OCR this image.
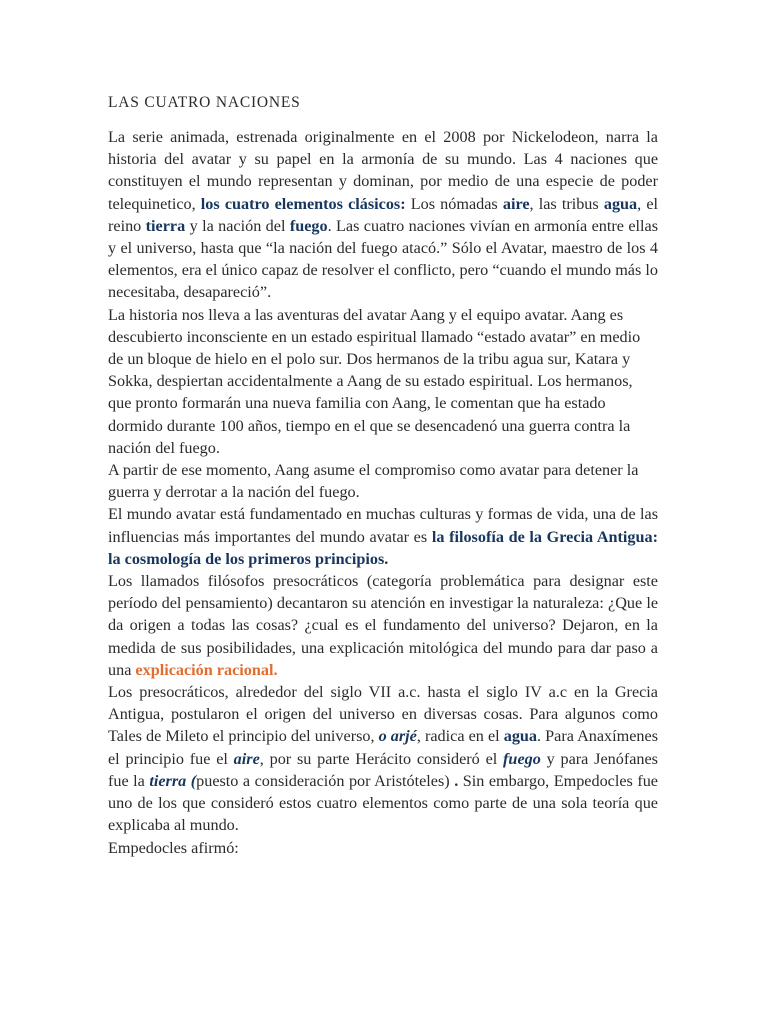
LAS CUATRO NACIONES

La serie animada, estrenada originalmente en el 2008 por Nickelodeon, narra la historia del avatar y su papel en la armonía de su mundo. Las 4 naciones que constituyen el mundo representan y dominan, por medio de una especie de poder telequinetico, los cuatro elementos clásicos: Los nómadas aire, las tribus agua, el reino tierra y la nación del fuego. Las cuatro naciones vivían en armonía entre ellas y el universo, hasta que “la nación del fuego atacó.” Sólo el Avatar, maestro de los 4 elementos, era el único capaz de resolver el conflicto, pero “cuando el mundo más lo necesitaba, desapareció”.

La historia nos lleva a las aventuras del avatar Aang y el equipo avatar. Aang es descubierto inconsciente en un estado espiritual llamado “estado avatar” en medio de un bloque de hielo en el polo sur. Dos hermanos de la tribu agua sur, Katara y Sokka, despiertan accidentalmente a Aang de su estado espiritual. Los hermanos, que pronto formarán una nueva familia con Aang, le comentan que ha estado dormido durante 100 años, tiempo en el que se desencadenó una guerra contra la nación del fuego.

A partir de ese momento, Aang asume el compromiso como avatar para detener la guerra y derrotar a la nación del fuego.

El mundo avatar está fundamentado en muchas culturas y formas de vida, una de las influencias más importantes del mundo avatar es la filosofía de la Grecia Antigua: la cosmología de los primeros principios.

Los llamados filósofos presocráticos (categoría problemática para designar este período del pensamiento) decantaron su atención en investigar la naturaleza: ¿Que le da origen a todas las cosas? ¿cual es el fundamento del universo? Dejaron, en la medida de sus posibilidades, una explicación mitológica del mundo para dar paso a una explicación racional.

Los presocráticos, alrededor del siglo VII a.c. hasta el siglo IV a.c en la Grecia Antigua, postularon el origen del universo en diversas cosas. Para algunos como Tales de Mileto el principio del universo, o arjé, radica en el agua. Para Anaxímenes el principio fue el aire, por su parte Herácito consideró el fuego y para Jenófanes fue la tierra (puesto a consideración por Aristóteles) . Sin embargo, Empedocles fue uno de los que consideró estos cuatro elementos como parte de una sola teoría que explicaba al mundo.

Empedocles afirmó:
